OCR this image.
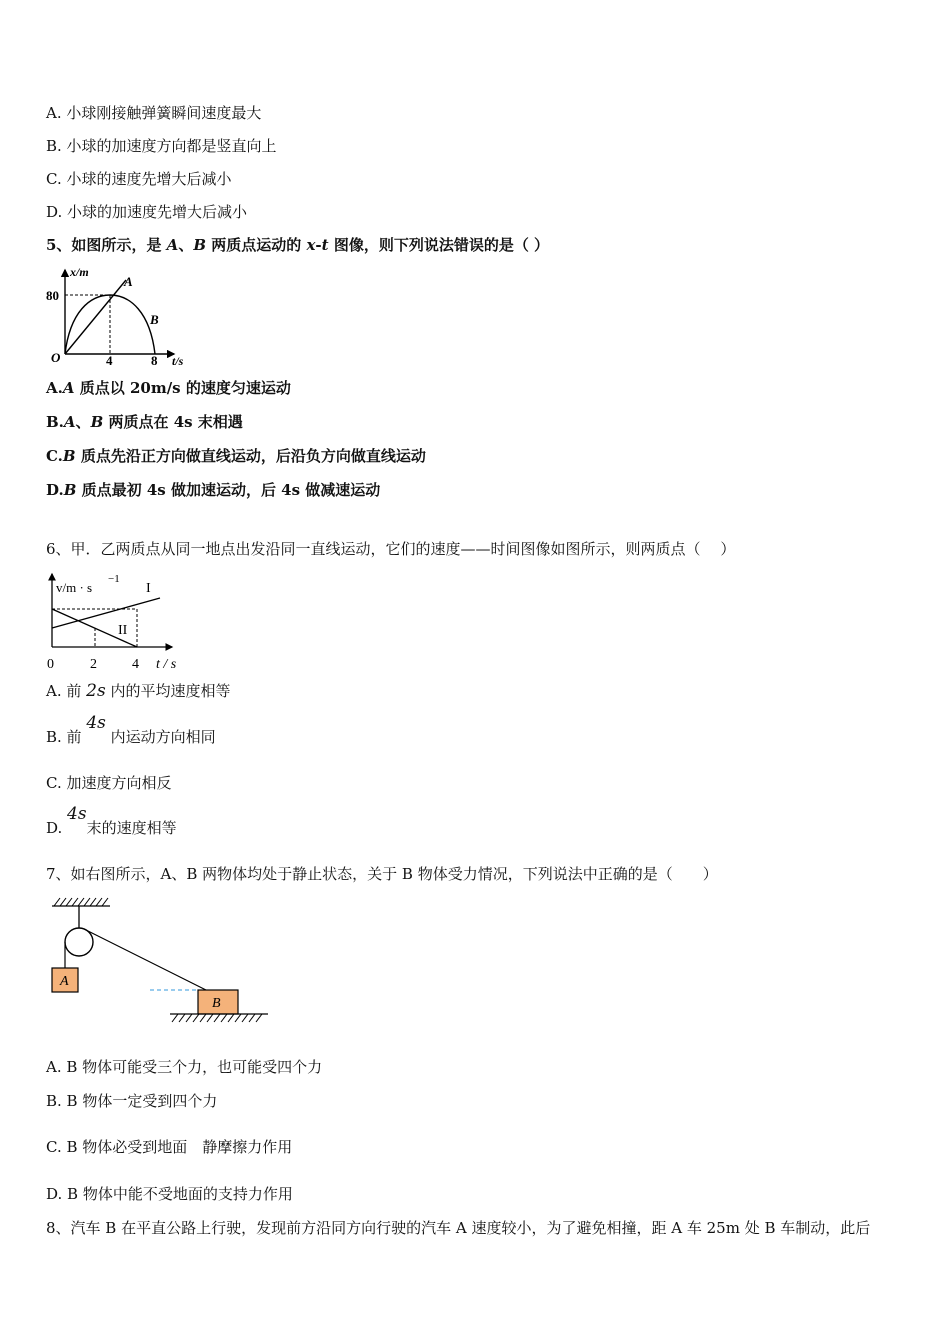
A. 小球刚接触弹簧瞬间速度最大
B. 小球的加速度方向都是竖直向上
C. 小球的速度先增大后减小
D. 小球的加速度先增大后减小
5、如图所示，是 A、B 两质点运动的 x-t 图像，则下列说法错误的是（ ）
x/m
80
O	4	8 t/s
A
B
A.A 质点以 20m/s 的速度匀速运动
B.A、B 两质点在 4s 末相遇
C.B 质点先沿正方向做直线运动，后沿负方向做直线运动
D.B 质点最初 4s 做加速运动，后 4s 做减速运动
6、甲．乙两质点从同一地点出发沿同一直线运动，它们的速度——时间图像如图所示，则两质点（　 ）
v/m · s
−1
I
II
0	2	4 t / s
A. 前 2s 内的平均速度相等
B. 前 4s 内运动方向相同
C. 加速度方向相反
D. 4s末的速度相等
7、如右图所示，A、B 两物体均处于静止状态，关于 B 物体受力情况，下列说法中正确的是（　　）
A
B
A. B 物体可能受三个力，也可能受四个力
B. B 物体一定受到四个力
C. B 物体必受到地面　静摩擦力作用
D. B 物体中能不受地面的支持力作用
8、汽车 B 在平直公路上行驶，发现前方沿同方向行驶的汽车 A 速度较小，为了避免相撞，距 A 车 25m 处 B 车制动，此后
